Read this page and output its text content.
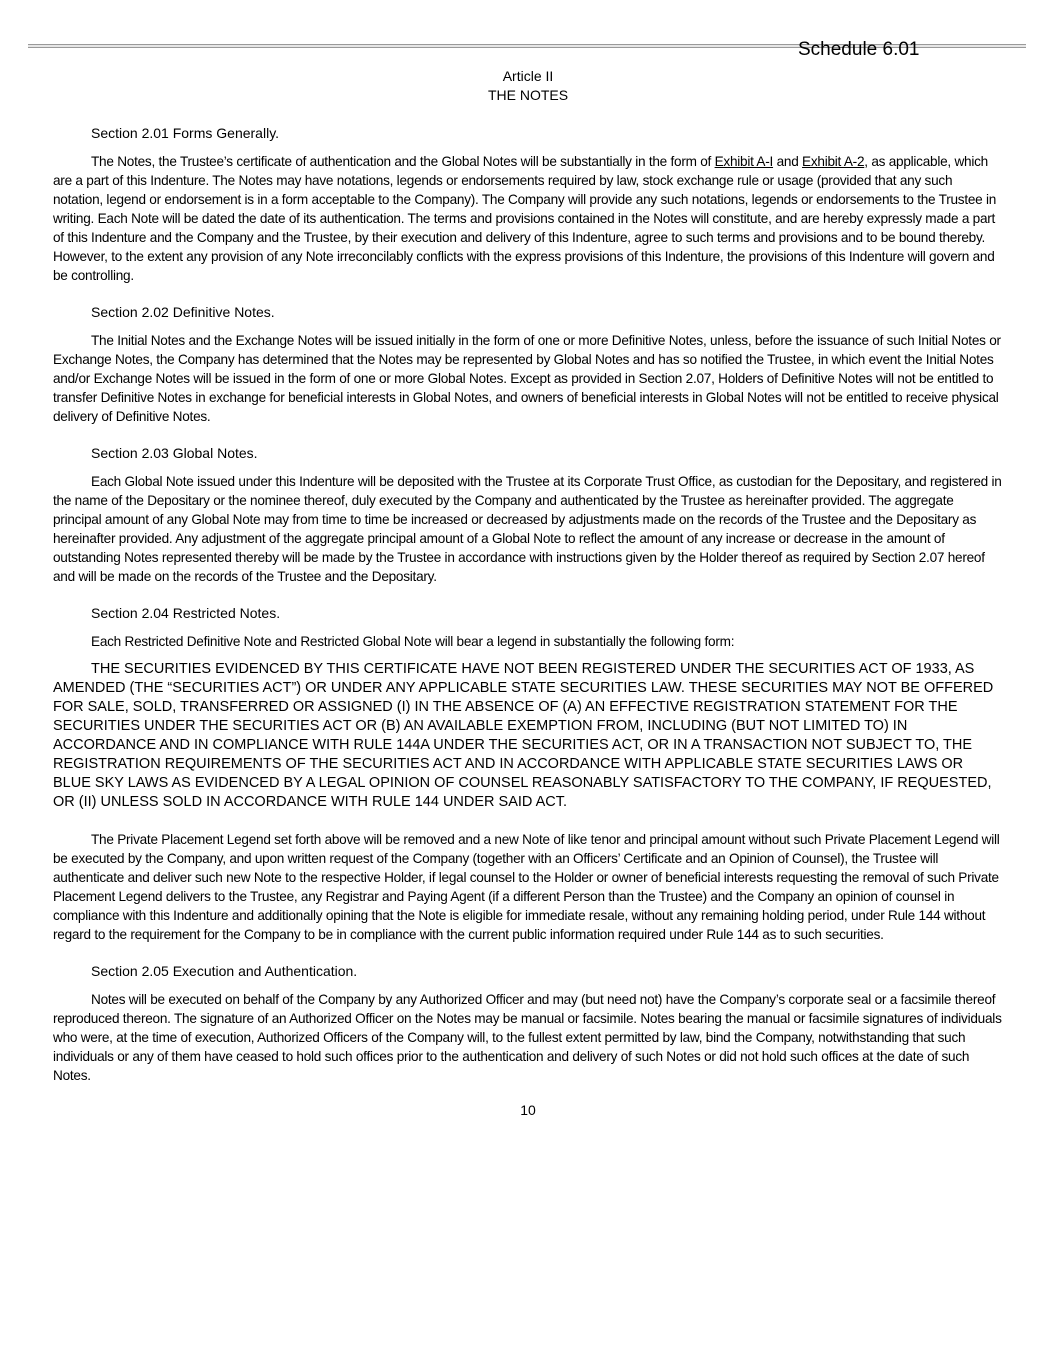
Schedule 6.01
Article II
THE NOTES

Section 2.01 Forms Generally.

The Notes, the Trustee’s certificate of authentication and the Global Notes will be substantially in the form of Exhibit A-I and Exhibit A-2, as applicable, which are a part of this Indenture. The Notes may have notations, legends or endorsements required by law, stock exchange rule or usage (provided that any such notation, legend or endorsement is in a form acceptable to the Company). The Company will provide any such notations, legends or endorsements to the Trustee in writing. Each Note will be dated the date of its authentication. The terms and provisions contained in the Notes will constitute, and are hereby expressly made a part of this Indenture and the Company and the Trustee, by their execution and delivery of this Indenture, agree to such terms and provisions and to be bound thereby. However, to the extent any provision of any Note irreconcilably conflicts with the express provisions of this Indenture, the provisions of this Indenture will govern and be controlling.

Section 2.02 Definitive Notes.

The Initial Notes and the Exchange Notes will be issued initially in the form of one or more Definitive Notes, unless, before the issuance of such Initial Notes or Exchange Notes, the Company has determined that the Notes may be represented by Global Notes and has so notified the Trustee, in which event the Initial Notes and/or Exchange Notes will be issued in the form of one or more Global Notes. Except as provided in Section 2.07, Holders of Definitive Notes will not be entitled to transfer Definitive Notes in exchange for beneficial interests in Global Notes, and owners of beneficial interests in Global Notes will not be entitled to receive physical delivery of Definitive Notes.

Section 2.03 Global Notes.

Each Global Note issued under this Indenture will be deposited with the Trustee at its Corporate Trust Office, as custodian for the Depositary, and registered in the name of the Depositary or the nominee thereof, duly executed by the Company and authenticated by the Trustee as hereinafter provided. The aggregate principal amount of any Global Note may from time to time be increased or decreased by adjustments made on the records of the Trustee and the Depositary as hereinafter provided. Any adjustment of the aggregate principal amount of a Global Note to reflect the amount of any increase or decrease in the amount of outstanding Notes represented thereby will be made by the Trustee in accordance with instructions given by the Holder thereof as required by Section 2.07 hereof and will be made on the records of the Trustee and the Depositary.

Section 2.04 Restricted Notes.

Each Restricted Definitive Note and Restricted Global Note will bear a legend in substantially the following form:

THE SECURITIES EVIDENCED BY THIS CERTIFICATE HAVE NOT BEEN REGISTERED UNDER THE SECURITIES ACT OF 1933, AS AMENDED (THE “SECURITIES ACT”) OR UNDER ANY APPLICABLE STATE SECURITIES LAW. THESE SECURITIES MAY NOT BE OFFERED FOR SALE, SOLD, TRANSFERRED OR ASSIGNED (I) IN THE ABSENCE OF (A) AN EFFECTIVE REGISTRATION STATEMENT FOR THE SECURITIES UNDER THE SECURITIES ACT OR (B) AN AVAILABLE EXEMPTION FROM, INCLUDING (BUT NOT LIMITED TO) IN ACCORDANCE AND IN COMPLIANCE WITH RULE 144A UNDER THE SECURITIES ACT, OR IN A TRANSACTION NOT SUBJECT TO, THE REGISTRATION REQUIREMENTS OF THE SECURITIES ACT AND IN ACCORDANCE WITH APPLICABLE STATE SECURITIES LAWS OR BLUE SKY LAWS AS EVIDENCED BY A LEGAL OPINION OF COUNSEL REASONABLY SATISFACTORY TO THE COMPANY, IF REQUESTED, OR (II) UNLESS SOLD IN ACCORDANCE WITH RULE 144 UNDER SAID ACT.

The Private Placement Legend set forth above will be removed and a new Note of like tenor and principal amount without such Private Placement Legend will be executed by the Company, and upon written request of the Company (together with an Officers’ Certificate and an Opinion of Counsel), the Trustee will authenticate and deliver such new Note to the respective Holder, if legal counsel to the Holder or owner of beneficial interests requesting the removal of such Private Placement Legend delivers to the Trustee, any Registrar and Paying Agent (if a different Person than the Trustee) and the Company an opinion of counsel in compliance with this Indenture and additionally opining that the Note is eligible for immediate resale, without any remaining holding period, under Rule 144 without regard to the requirement for the Company to be in compliance with the current public information required under Rule 144 as to such securities.

Section 2.05 Execution and Authentication.

Notes will be executed on behalf of the Company by any Authorized Officer and may (but need not) have the Company’s corporate seal or a facsimile thereof reproduced thereon. The signature of an Authorized Officer on the Notes may be manual or facsimile. Notes bearing the manual or facsimile signatures of individuals who were, at the time of execution, Authorized Officers of the Company will, to the fullest extent permitted by law, bind the Company, notwithstanding that such individuals or any of them have ceased to hold such offices prior to the authentication and delivery of such Notes or did not hold such offices at the date of such Notes.

10
